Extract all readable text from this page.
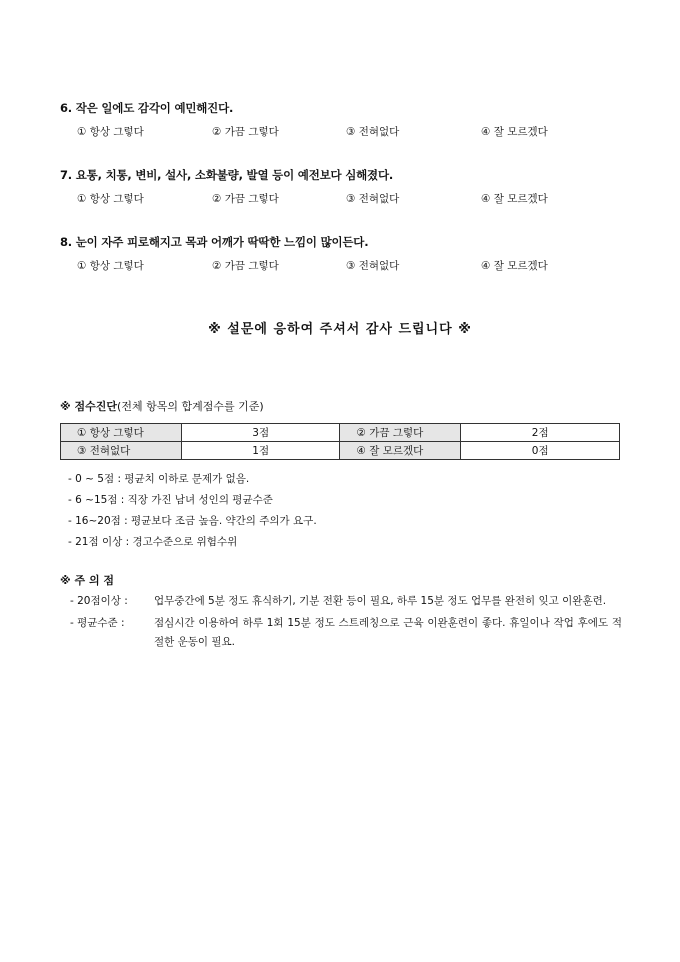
6. 작은 일에도 감각이 예민해진다.
① 항상 그렇다	② 가끔 그렇다	③ 전혀없다	④ 잘 모르겠다
7. 요통, 치통, 변비, 설사, 소화불량, 발열 등이 예전보다 심해졌다.
① 항상 그렇다	② 가끔 그렇다	③ 전혀없다	④ 잘 모르겠다
8. 눈이 자주 피로해지고 목과 어깨가 딱딱한 느낌이 많이든다.
① 항상 그렇다	② 가끔 그렇다	③ 전혀없다	④ 잘 모르겠다
※ 설문에 응하여 주셔서 감사 드립니다 ※
※ 점수진단(전체 항목의 합계점수를 기준)
① 항상 그렇다	3점	② 가끔 그렇다	2점
③ 전혀없다	1점	④ 잘 모르겠다	0점
- 0 ~ 5점 : 평균치 이하로 문제가 없음.
- 6 ~15점 : 직장 가진 남녀 성인의 평균수준
- 16~20점 : 평균보다 조금 높음. 약간의 주의가 요구.
- 21점 이상 : 경고수준으로 위험수위
※ 주 의 점
- 20점이상 : 업무중간에 5분 정도 휴식하기, 기분 전환 등이 필요, 하루 15분 정도 업무를 완전히 잊고 이완훈련.
- 평균수준 :	점심시간 이용하여 하루 1회 15분 정도 스트레칭으로 근육 이완훈련이 좋다. 휴일이나 작업 후에도 적절한 운동이 필요.
